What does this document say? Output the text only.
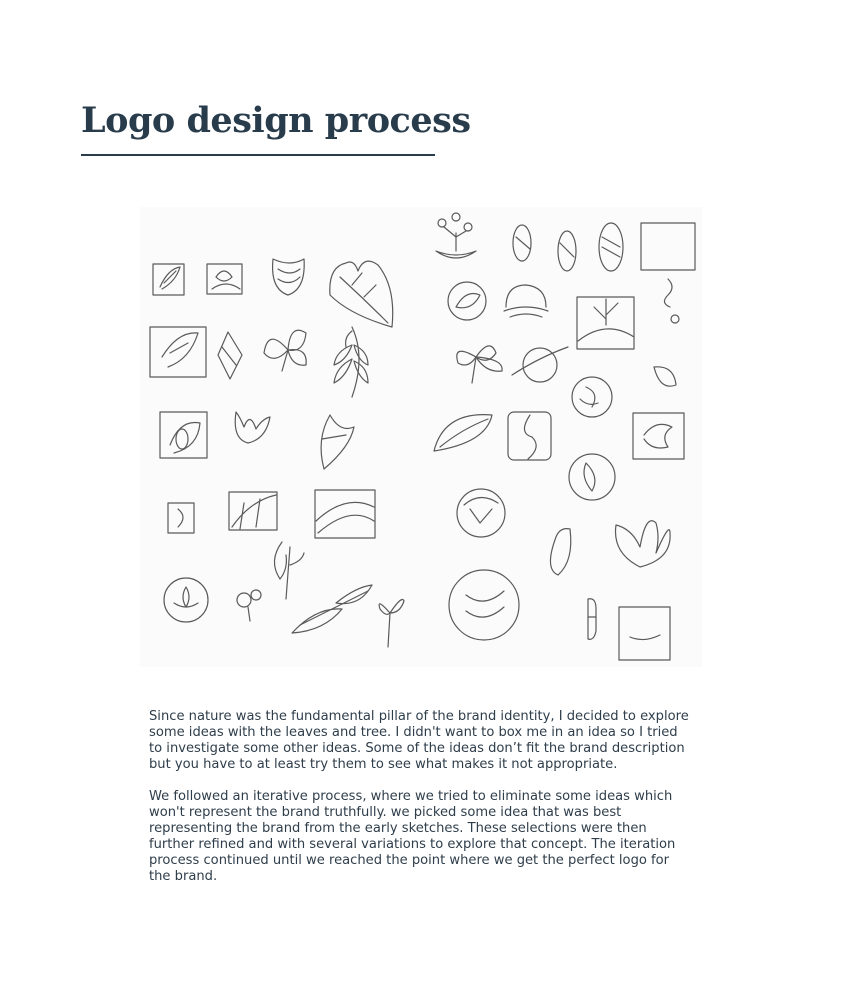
Logo design process

Since nature was the fundamental pillar of the brand identity, I decided to explore some ideas with the leaves and tree. I didn't want to box me in an idea so I tried to investigate some other ideas. Some of the ideas don’t fit the brand description but you have to at least try them to see what makes it not appropriate.

We followed an iterative process, where we tried to eliminate some ideas which won't represent the brand truthfully. we picked some idea that was best representing the brand from the early sketches. These selections were then further refined and with several variations to explore that concept. The iteration process continued until we reached the point where we get the perfect logo for the brand.
